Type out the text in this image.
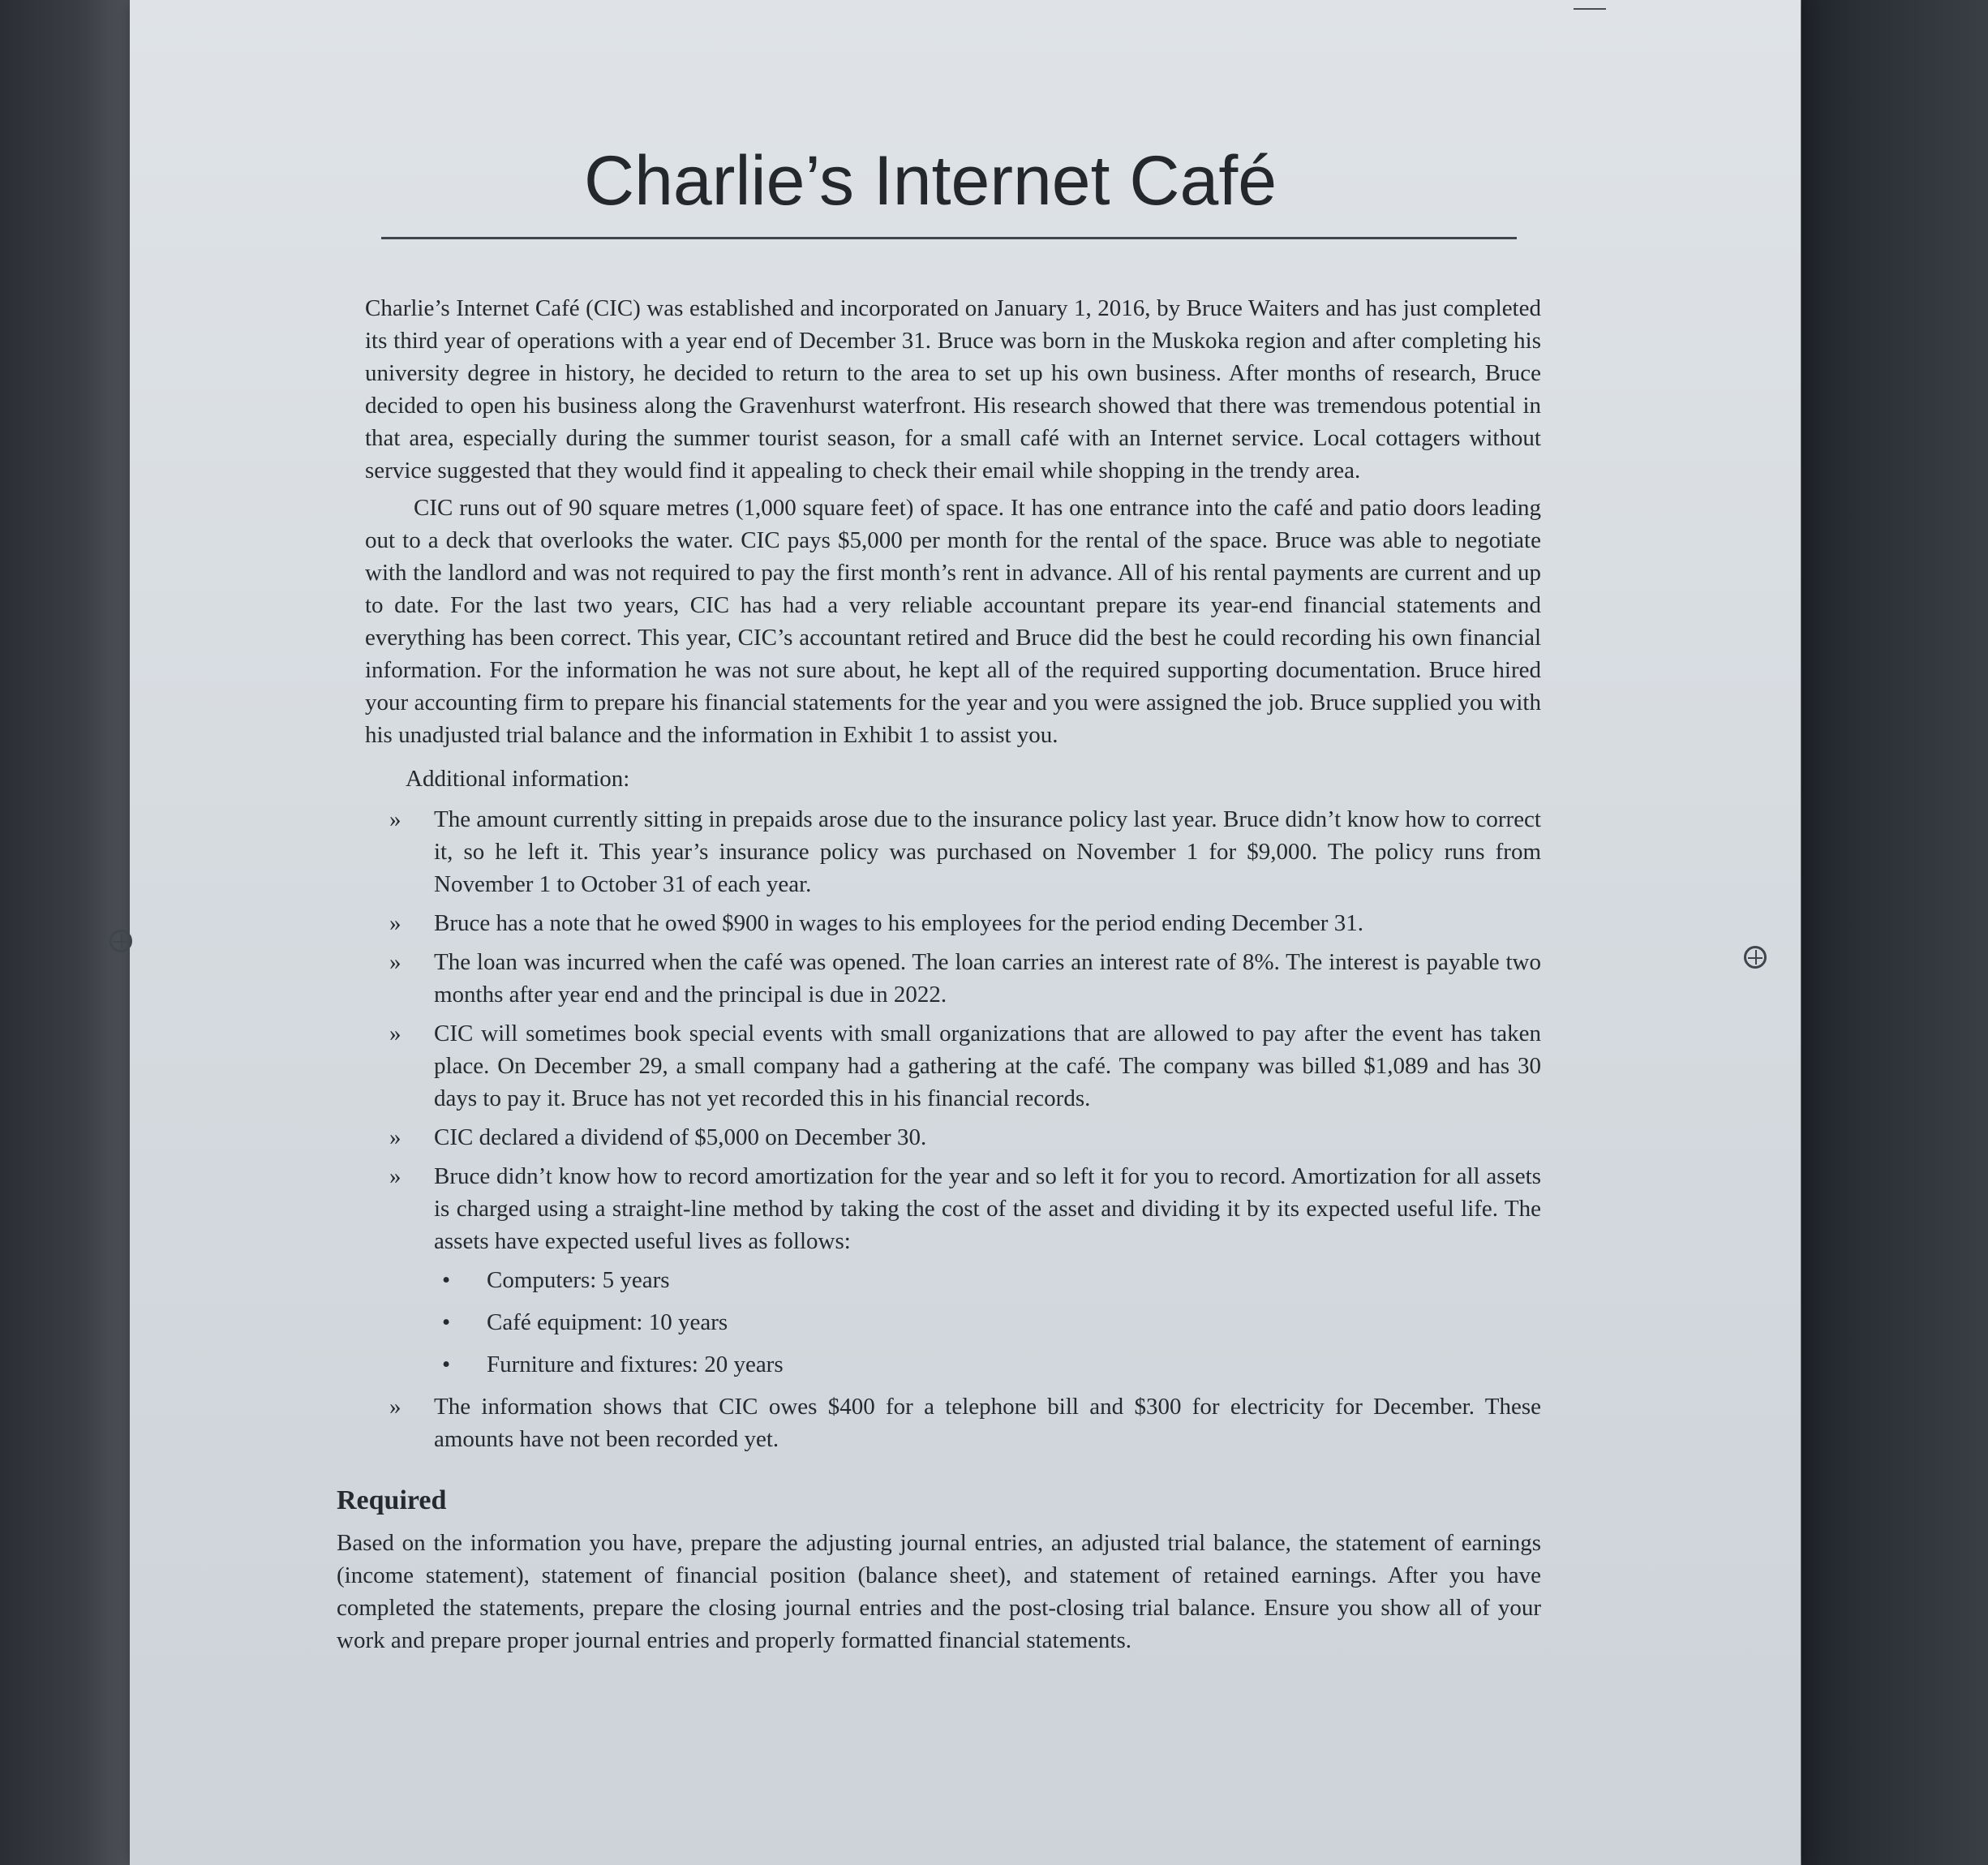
Charlie’s Internet Café

Charlie’s Internet Café (CIC) was established and incorporated on January 1, 2016, by Bruce Waiters and has just completed its third year of operations with a year end of December 31. Bruce was born in the Muskoka region and after completing his university degree in history, he decided to return to the area to set up his own business. After months of research, Bruce decided to open his business along the Gravenhurst waterfront. His research showed that there was tremendous potential in that area, especially during the summer tourist season, for a small café with an Internet service. Local cottagers without service suggested that they would find it appealing to check their email while shopping in the trendy area.

CIC runs out of 90 square metres (1,000 square feet) of space. It has one entrance into the café and patio doors leading out to a deck that overlooks the water. CIC pays $5,000 per month for the rental of the space. Bruce was able to negotiate with the landlord and was not required to pay the first month’s rent in advance. All of his rental payments are current and up to date. For the last two years, CIC has had a very reliable accountant prepare its year-end financial statements and everything has been correct. This year, CIC’s accountant retired and Bruce did the best he could recording his own financial information. For the information he was not sure about, he kept all of the required supporting documentation. Bruce hired your accounting firm to prepare his financial statements for the year and you were assigned the job. Bruce supplied you with his unadjusted trial balance and the information in Exhibit 1 to assist you.

Additional information:
» The amount currently sitting in prepaids arose due to the insurance policy last year. Bruce didn’t know how to correct it, so he left it. This year’s insurance policy was purchased on November 1 for $9,000. The policy runs from November 1 to October 31 of each year.
» Bruce has a note that he owed $900 in wages to his employees for the period ending December 31.
» The loan was incurred when the café was opened. The loan carries an interest rate of 8%. The interest is payable two months after year end and the principal is due in 2022.
» CIC will sometimes book special events with small organizations that are allowed to pay after the event has taken place. On December 29, a small company had a gathering at the café. The company was billed $1,089 and has 30 days to pay it. Bruce has not yet recorded this in his financial records.
» CIC declared a dividend of $5,000 on December 30.
» Bruce didn’t know how to record amortization for the year and so left it for you to record. Amortization for all assets is charged using a straight-line method by taking the cost of the asset and dividing it by its expected useful life. The assets have expected useful lives as follows:
• Computers: 5 years
• Café equipment: 10 years
• Furniture and fixtures: 20 years
» The information shows that CIC owes $400 for a telephone bill and $300 for electricity for December. These amounts have not been recorded yet.
Required

Based on the information you have, prepare the adjusting journal entries, an adjusted trial balance, the statement of earnings (income statement), statement of financial position (balance sheet), and statement of retained earnings. After you have completed the statements, prepare the closing journal entries and the post-closing trial balance. Ensure you show all of your work and prepare proper journal entries and properly formatted financial statements.
